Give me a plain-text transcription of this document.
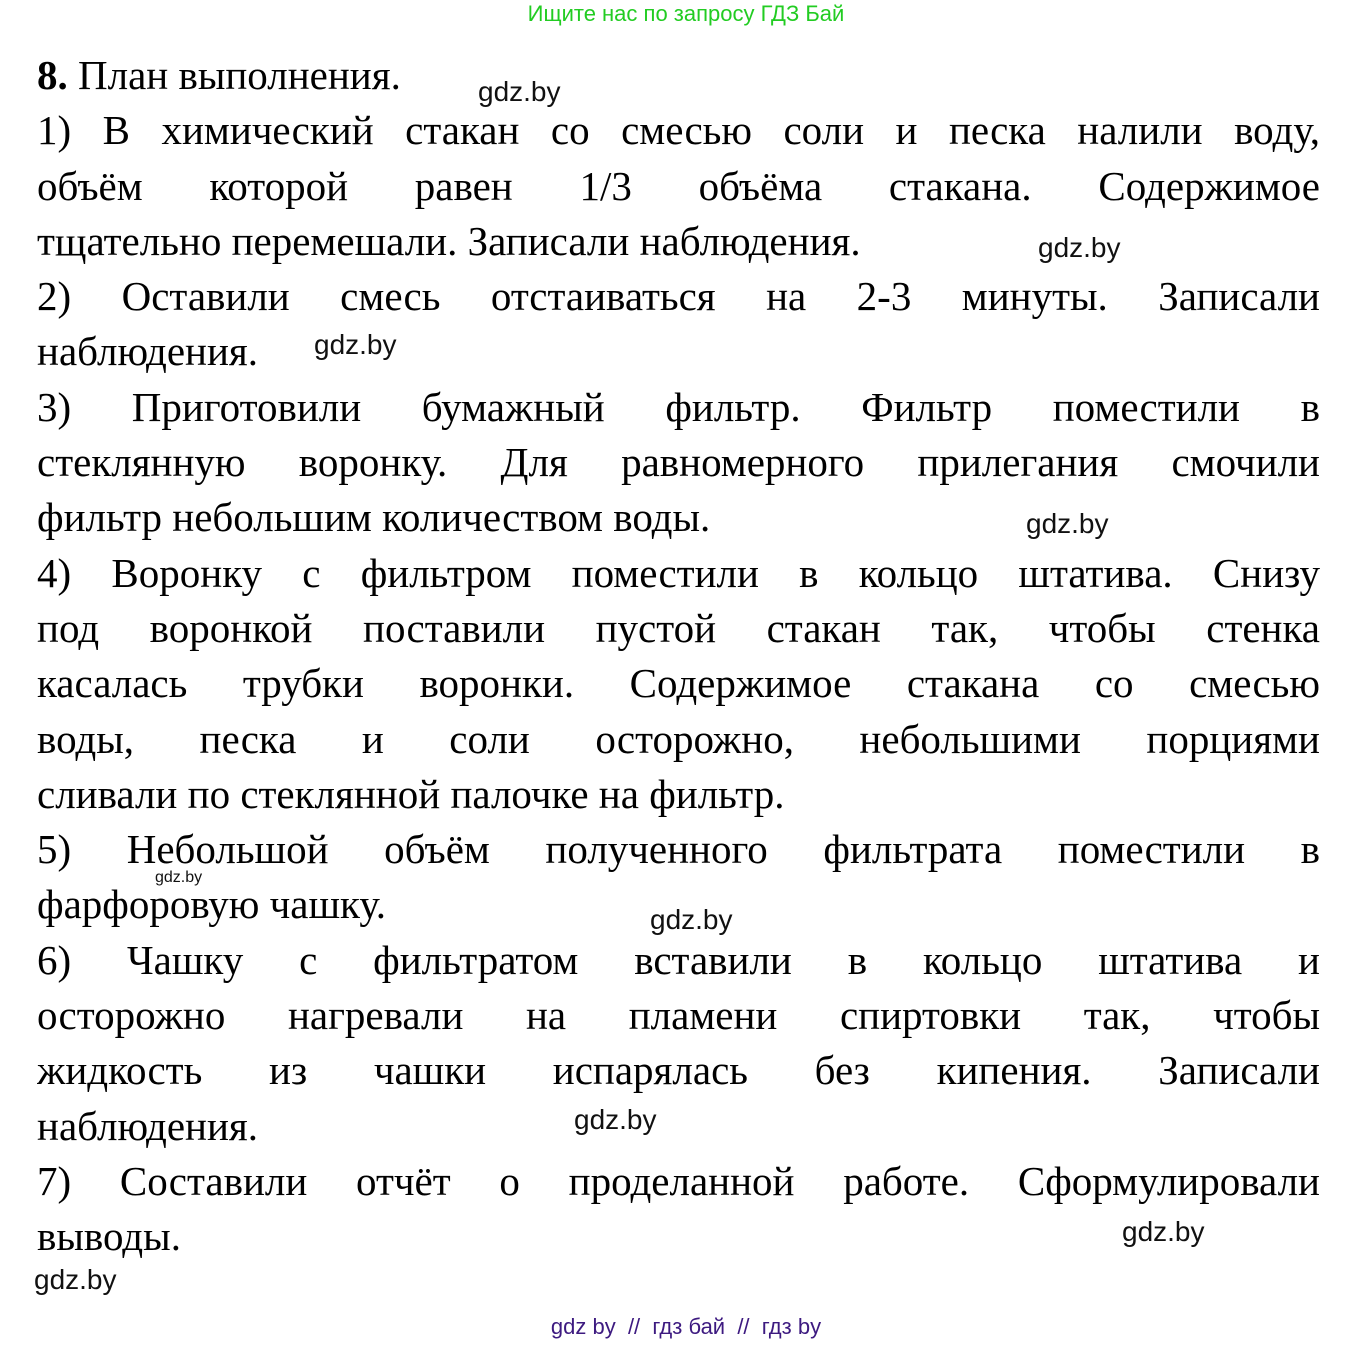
Ищите нас по запросу ГДЗ Бай
8. План выполнения.
1) В химический стакан со смесью соли и песка налили воду,
объём которой равен 1/3 объёма стакана. Содержимое
тщательно перемешали. Записали наблюдения.
2) Оставили смесь отстаиваться на 2-3 минуты. Записали
наблюдения.
3) Приготовили бумажный фильтр. Фильтр поместили в
стеклянную воронку. Для равномерного прилегания смочили
фильтр небольшим количеством воды.
4) Воронку с фильтром поместили в кольцо штатива. Снизу
под воронкой поставили пустой стакан так, чтобы стенка
касалась трубки воронки. Содержимое стакана со смесью
воды, песка и соли осторожно, небольшими порциями
сливали по стеклянной палочке на фильтр.
5) Небольшой объём полученного фильтрата поместили в
фарфоровую чашку.
6) Чашку с фильтратом вставили в кольцо штатива и
осторожно нагревали на пламени спиртовки так, чтобы
жидкость из чашки испарялась без кипения. Записали
наблюдения.
7) Составили отчёт о проделанной работе. Сформулировали
выводы.
gdz.by
gdz.by
gdz.by
gdz.by
gdz.by
gdz.by
gdz.by
gdz.by
gdz.by
gdz by  //  гдз бай  //  гдз by
